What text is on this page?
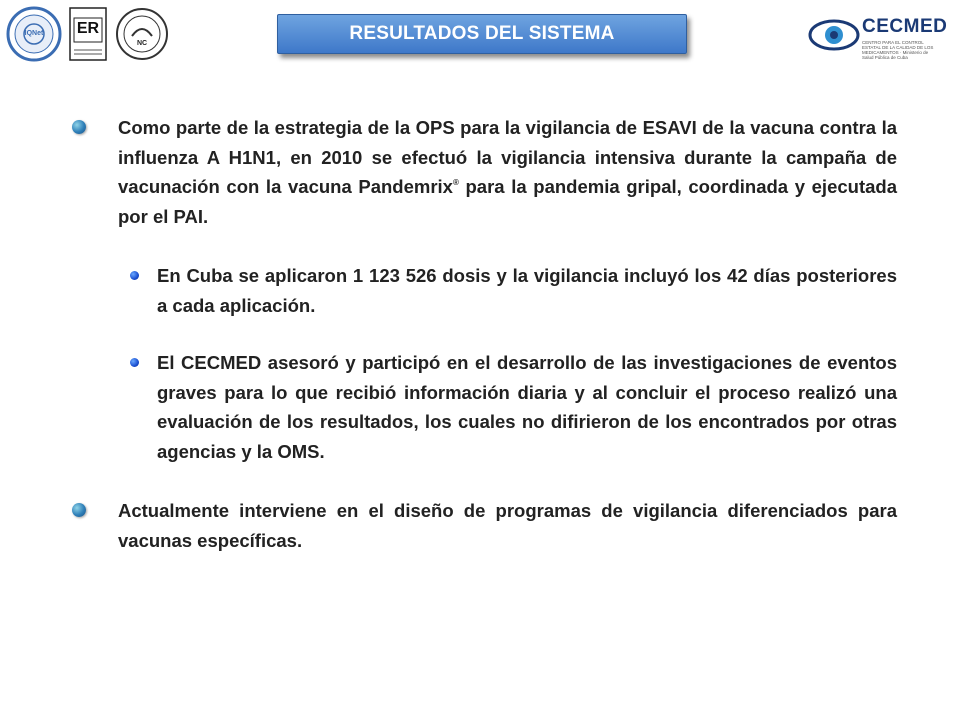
IQNet	ER
NC	RESULTADOS DEL SISTEMA	CECMED
CENTRO PARA EL CONTROL ESTATAL DE LA CALIDAD DE LOS MEDICAMENTOS · Ministerio de Salud Pública de Cuba
Como parte de la estrategia de la OPS para la vigilancia de ESAVI de la vacuna contra la influenza A H1N1, en 2010 se efectuó la vigilancia intensiva durante la campaña de vacunación con la vacuna Pandemrix® para la pandemia gripal, coordinada y ejecutada por el PAI.
En Cuba se aplicaron 1 123 526 dosis y la vigilancia incluyó los 42 días posteriores a cada aplicación.
El CECMED asesoró y participó en el desarrollo de las investigaciones de eventos graves para lo que recibió información diaria y al concluir el proceso realizó una evaluación de los resultados, los cuales no difirieron de los encontrados por otras agencias y la OMS.
Actualmente interviene en el diseño de programas de vigilancia diferenciados para vacunas específicas.
